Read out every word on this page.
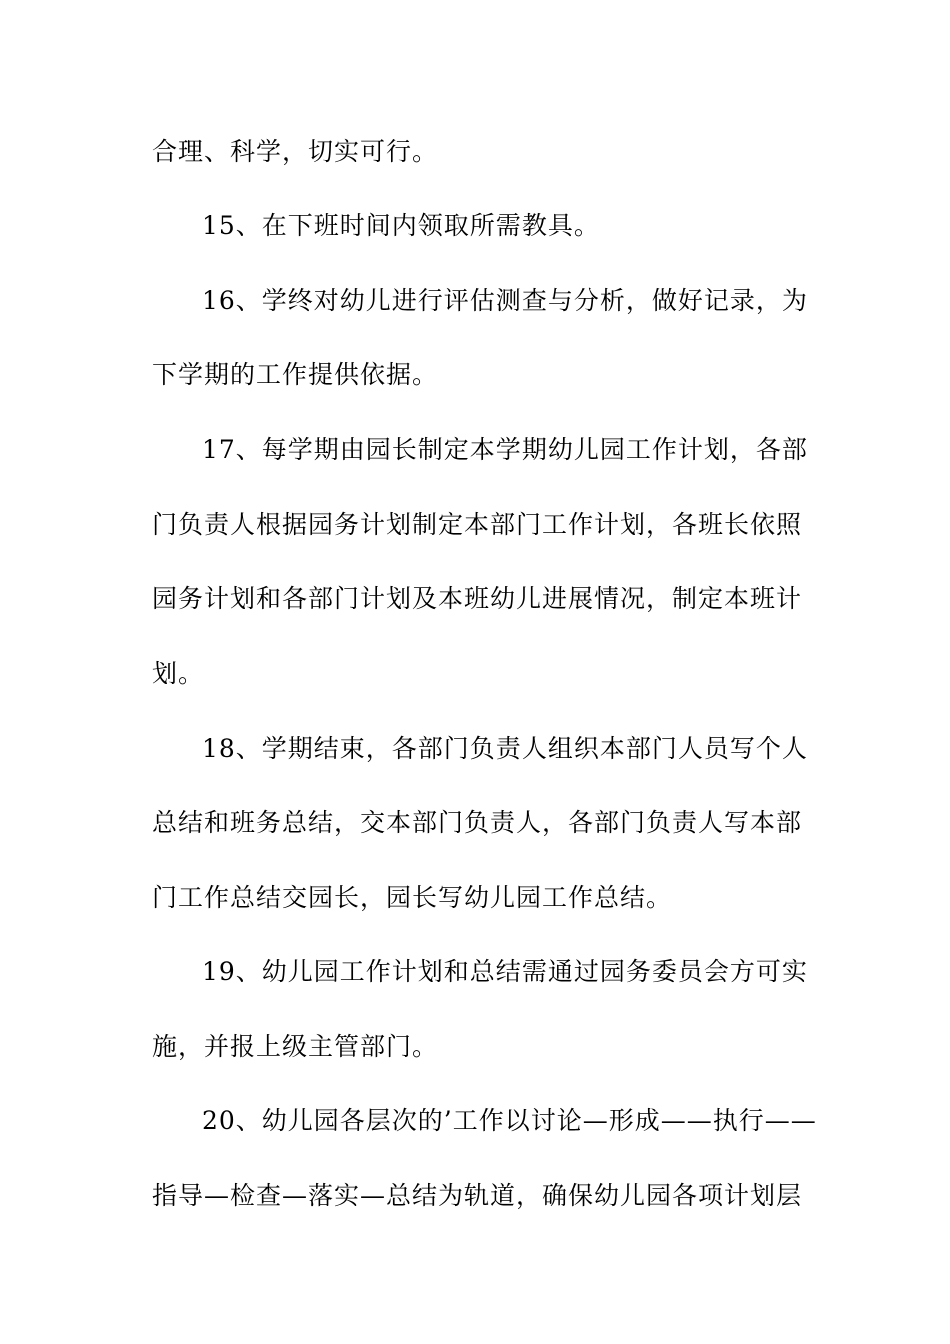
合理、科学，切实可行。
15、在下班时间内领取所需教具。
16、学终对幼儿进行评估测查与分析，做好记录，为
下学期的工作提供依据。
17、每学期由园长制定本学期幼儿园工作计划，各部
门负责人根据园务计划制定本部门工作计划，各班长依照
园务计划和各部门计划及本班幼儿进展情况，制定本班计
划。
18、学期结束，各部门负责人组织本部门人员写个人
总结和班务总结，交本部门负责人，各部门负责人写本部
门工作总结交园长，园长写幼儿园工作总结。
19、幼儿园工作计划和总结需通过园务委员会方可实
施，并报上级主管部门。
20、幼儿园各层次的’工作以讨论—形成——执行——
指导—检查—落实—总结为轨道，确保幼儿园各项计划层
